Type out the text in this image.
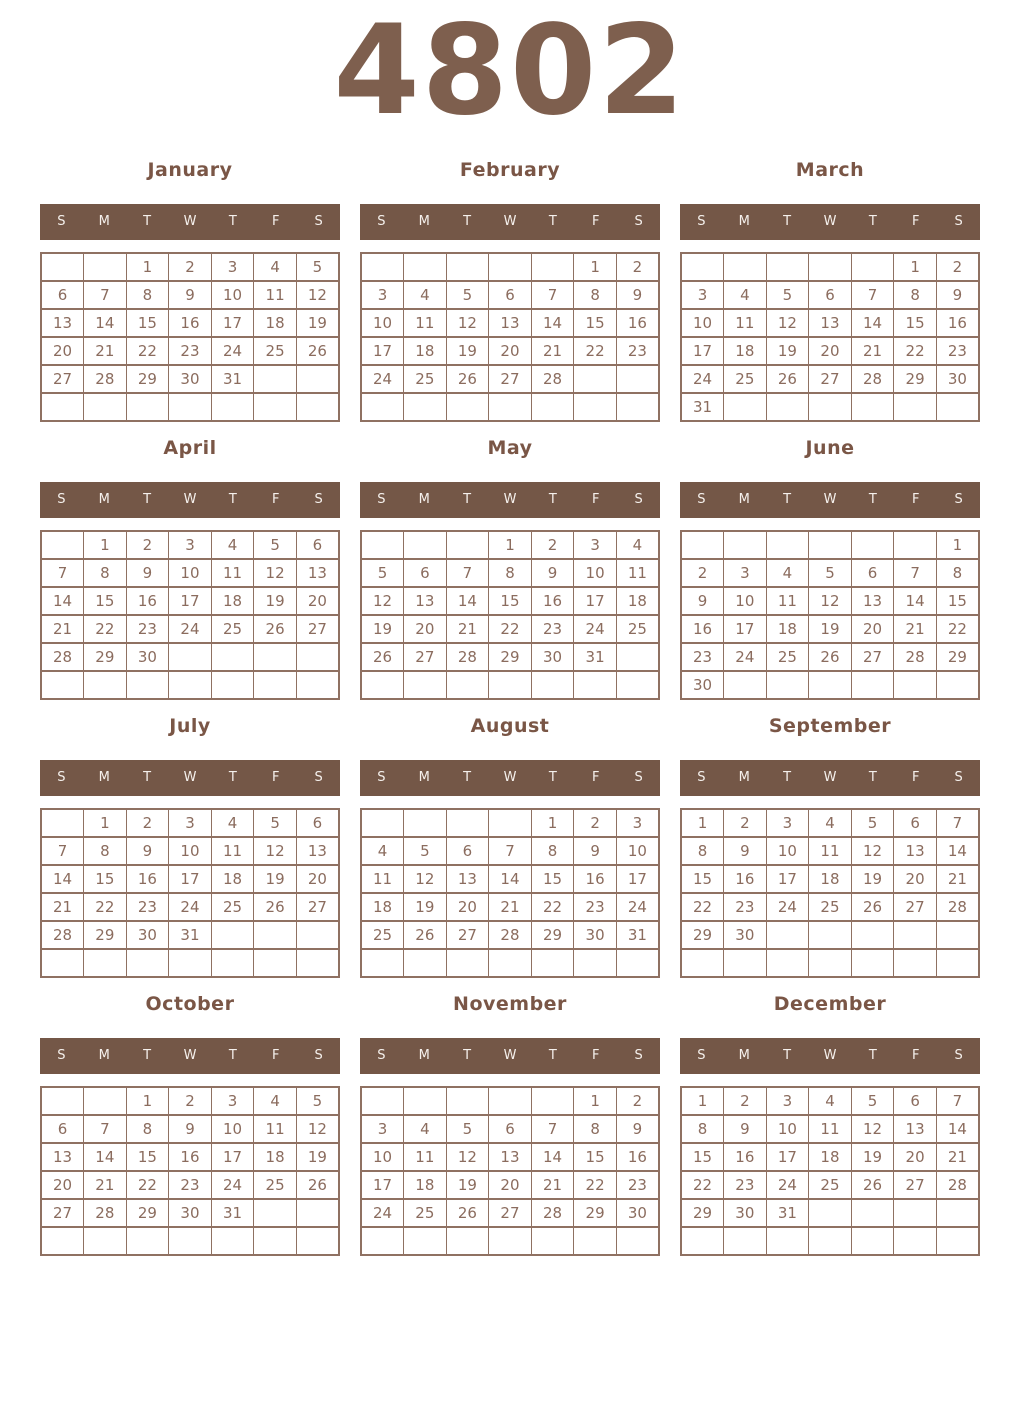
4802
January
S	M	T	W	T	F	S
		1	2	3	4	5
6	7	8	9	10	11	12
13	14	15	16	17	18	19
20	21	22	23	24	25	26
27	28	29	30	31		

February
S	M	T	W	T	F	S
					1	2
3	4	5	6	7	8	9
10	11	12	13	14	15	16
17	18	19	20	21	22	23
24	25	26	27	28		

March
S	M	T	W	T	F	S
					1	2
3	4	5	6	7	8	9
10	11	12	13	14	15	16
17	18	19	20	21	22	23
24	25	26	27	28	29	30
31						
April
S	M	T	W	T	F	S
	1	2	3	4	5	6
7	8	9	10	11	12	13
14	15	16	17	18	19	20
21	22	23	24	25	26	27
28	29	30				

May
S	M	T	W	T	F	S
			1	2	3	4
5	6	7	8	9	10	11
12	13	14	15	16	17	18
19	20	21	22	23	24	25
26	27	28	29	30	31	

June
S	M	T	W	T	F	S
						1
2	3	4	5	6	7	8
9	10	11	12	13	14	15
16	17	18	19	20	21	22
23	24	25	26	27	28	29
30						
July
S	M	T	W	T	F	S
	1	2	3	4	5	6
7	8	9	10	11	12	13
14	15	16	17	18	19	20
21	22	23	24	25	26	27
28	29	30	31			

August
S	M	T	W	T	F	S
				1	2	3
4	5	6	7	8	9	10
11	12	13	14	15	16	17
18	19	20	21	22	23	24
25	26	27	28	29	30	31

September
S	M	T	W	T	F	S
1	2	3	4	5	6	7
8	9	10	11	12	13	14
15	16	17	18	19	20	21
22	23	24	25	26	27	28
29	30					

October
S	M	T	W	T	F	S
		1	2	3	4	5
6	7	8	9	10	11	12
13	14	15	16	17	18	19
20	21	22	23	24	25	26
27	28	29	30	31		

November
S	M	T	W	T	F	S
					1	2
3	4	5	6	7	8	9
10	11	12	13	14	15	16
17	18	19	20	21	22	23
24	25	26	27	28	29	30

December
S	M	T	W	T	F	S
1	2	3	4	5	6	7
8	9	10	11	12	13	14
15	16	17	18	19	20	21
22	23	24	25	26	27	28
29	30	31				
